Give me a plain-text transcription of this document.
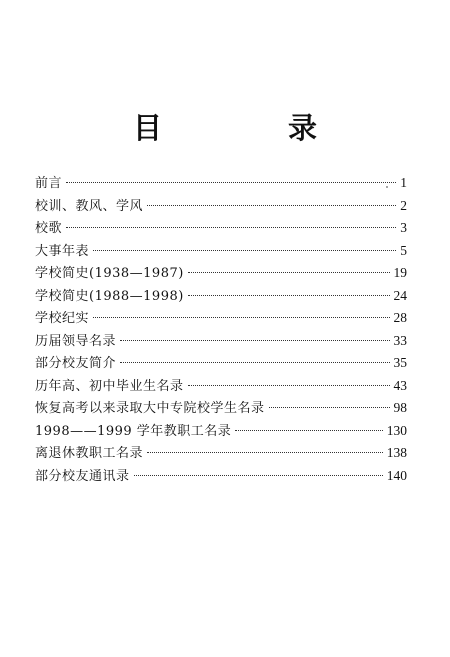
目 录
前言	1
校训、教风、学风	2
校歌	3
大事年表	5
学校简史(1938—1987)	19
学校简史(1988—1998)	24
学校纪实	28
历届领导名录	33
部分校友简介	35
历年高、初中毕业生名录	43
恢复高考以来录取大中专院校学生名录	98
1998——1999 学年教职工名录	130
离退休教职工名录	138
部分校友通讯录	140
